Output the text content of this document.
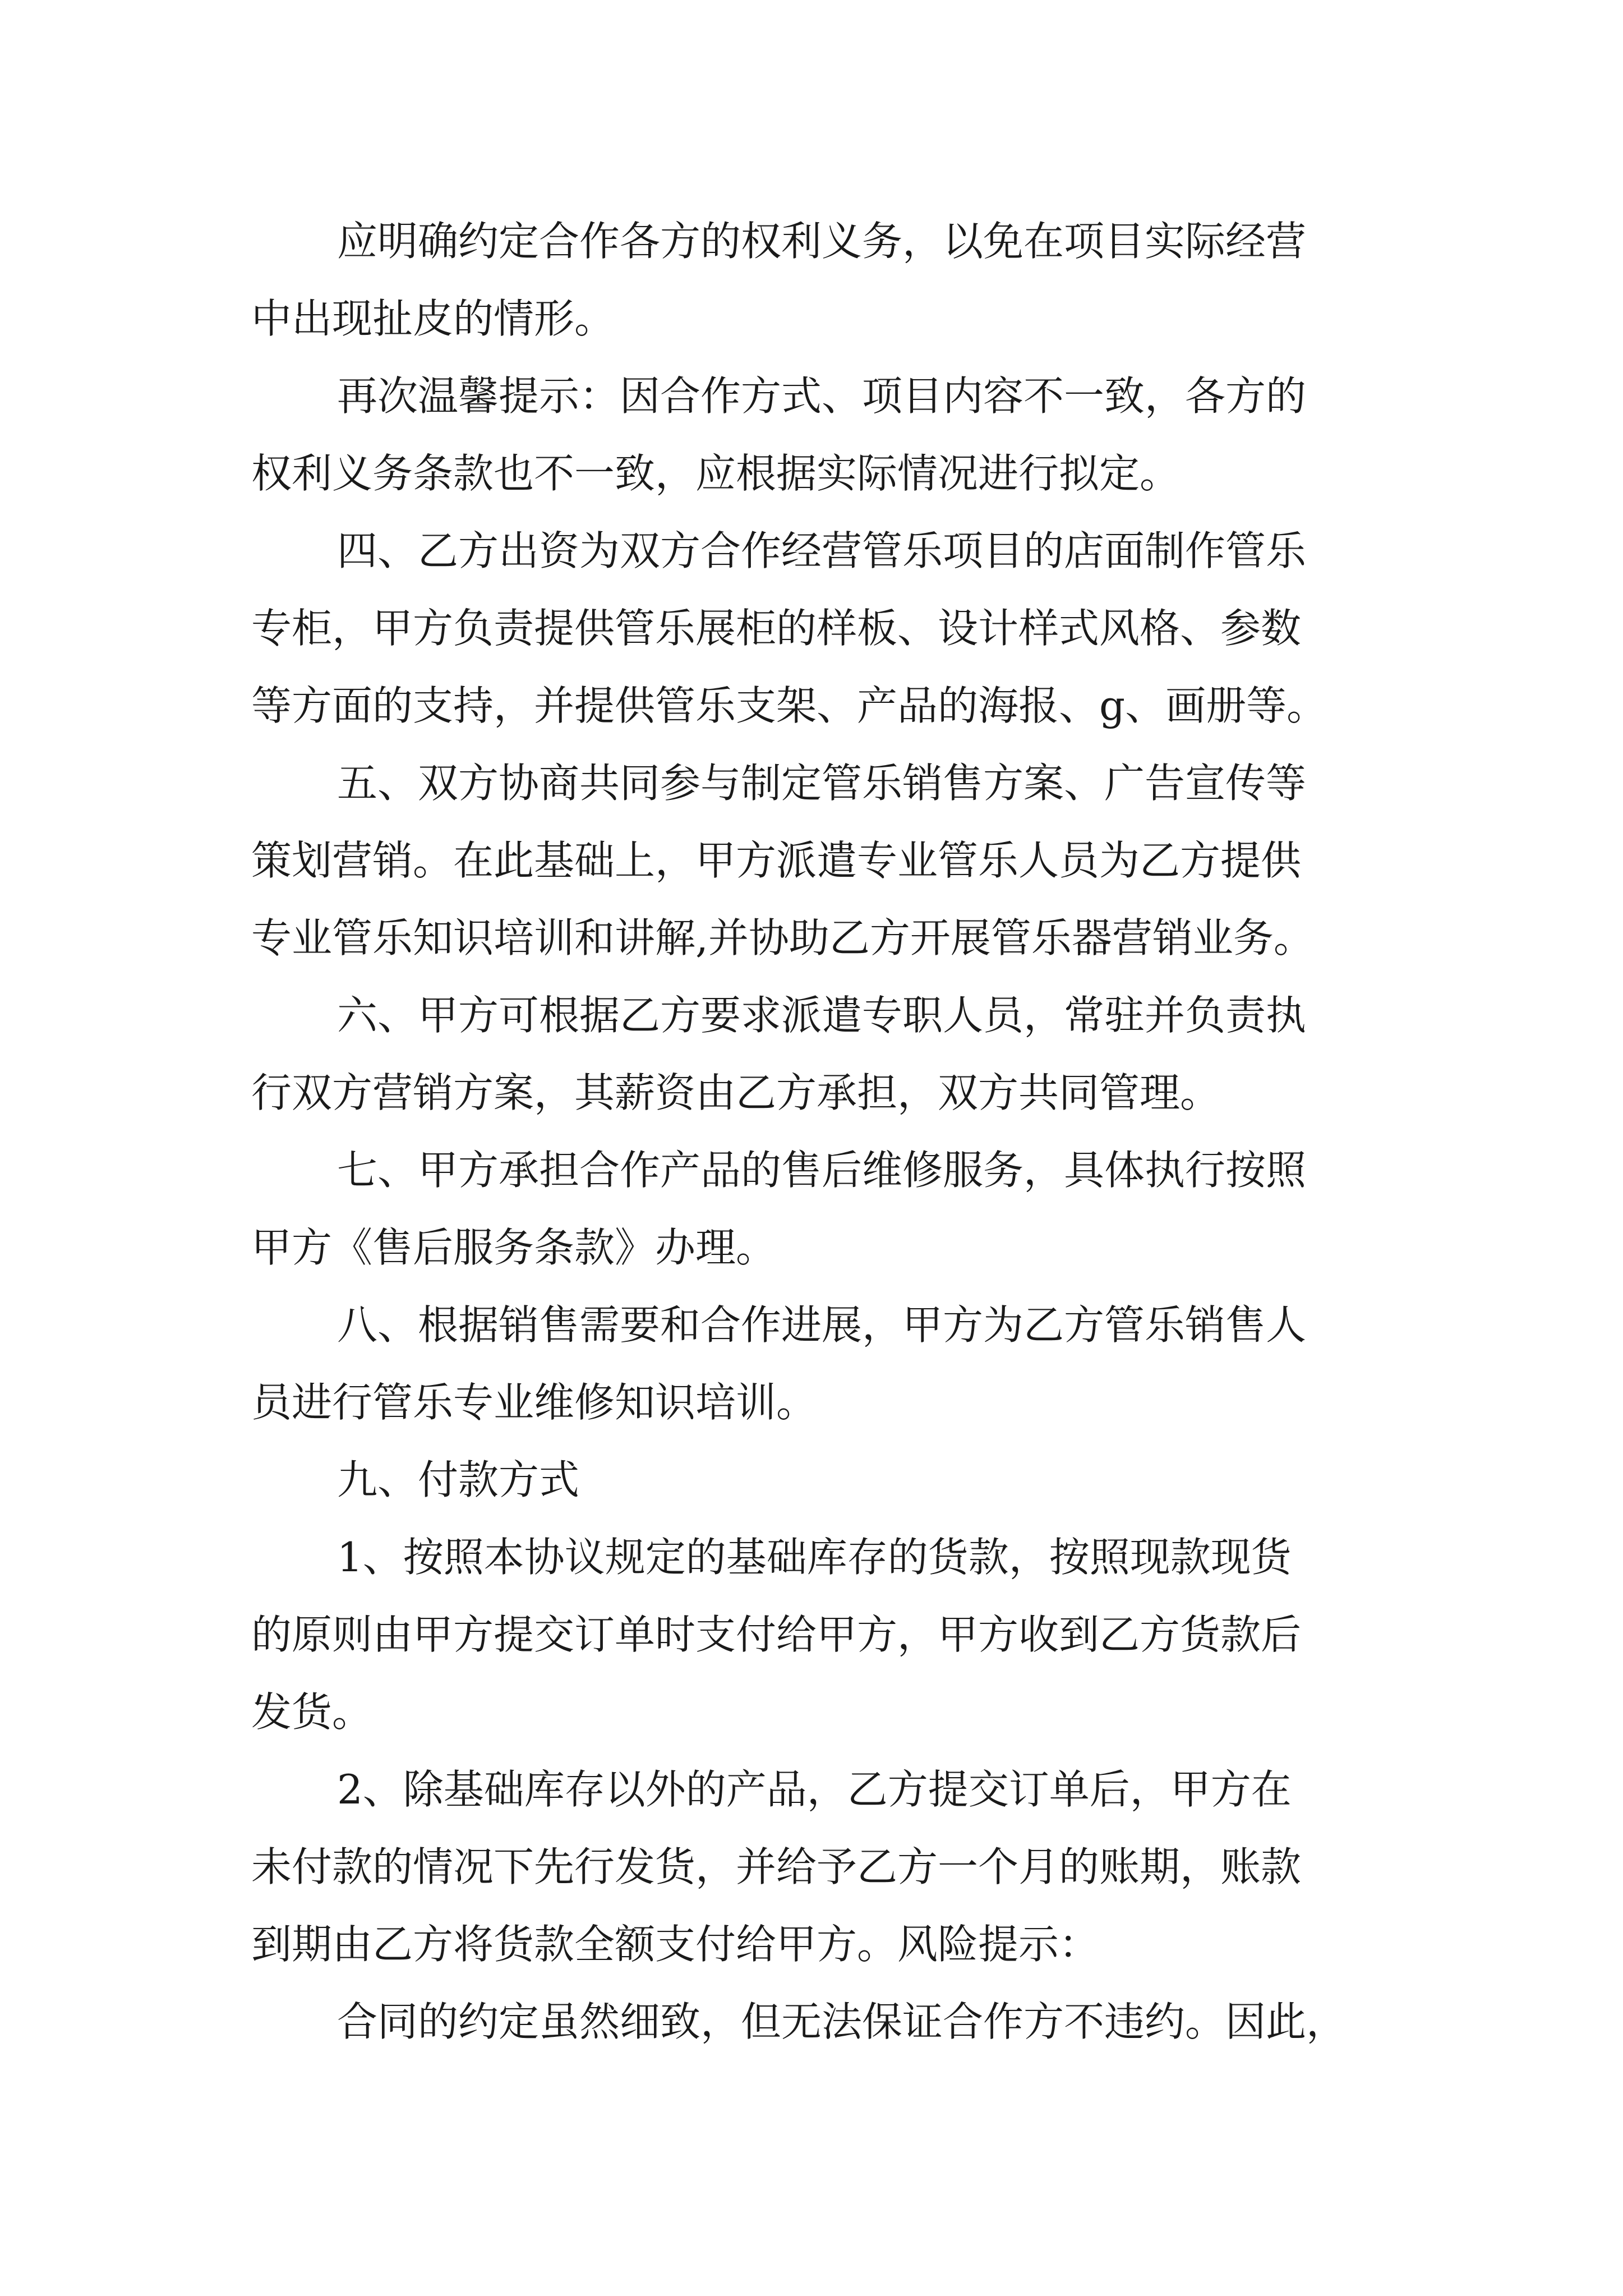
应明确约定合作各方的权利义务，以免在项目实际经营
中出现扯皮的情形。
再次温馨提示：因合作方式、项目内容不一致，各方的
权利义务条款也不一致，应根据实际情况进行拟定。
四、乙方出资为双方合作经营管乐项目的店面制作管乐
专柜，甲方负责提供管乐展柜的样板、设计样式风格、参数
等方面的支持，并提供管乐支架、产品的海报、g、画册等。
五、双方协商共同参与制定管乐销售方案、广告宣传等
策划营销。在此基础上，甲方派遣专业管乐人员为乙方提供
专业管乐知识培训和讲解,并协助乙方开展管乐器营销业务。
六、甲方可根据乙方要求派遣专职人员，常驻并负责执
行双方营销方案，其薪资由乙方承担，双方共同管理。
七、甲方承担合作产品的售后维修服务，具体执行按照
甲方《售后服务条款》办理。
八、根据销售需要和合作进展，甲方为乙方管乐销售人
员进行管乐专业维修知识培训。
九、付款方式
1、按照本协议规定的基础库存的货款，按照现款现货
的原则由甲方提交订单时支付给甲方，甲方收到乙方货款后
发货。
2、除基础库存以外的产品，乙方提交订单后，甲方在
未付款的情况下先行发货，并给予乙方一个月的账期，账款
到期由乙方将货款全额支付给甲方。风险提示：
合同的约定虽然细致，但无法保证合作方不违约。因此，
